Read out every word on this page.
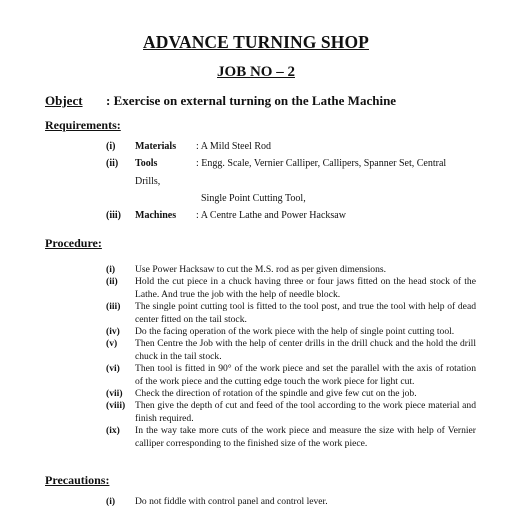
ADVANCE TURNING SHOP
JOB NO – 2
Object : Exercise on external turning on the Lathe Machine
Requirements:
(i) Materials : A Mild Steel Rod
(ii) Tools	: Engg. Scale, Vernier Calliper, Callipers, Spanner Set, Central
Drills,
Single Point Cutting Tool,
(iii) Machines : A Centre Lathe and Power Hacksaw
Procedure:
(i) Use Power Hacksaw to cut the M.S. rod as per given dimensions.
(ii) Hold the cut piece in a chuck having three or four jaws fitted on the head stock of the Lathe. And true the job with the help of needle block.
(iii) The single point cutting tool is fitted to the tool post, and true the tool with help of dead center fitted on the tail stock.
(iv) Do the facing operation of the work piece with the help of single point cutting tool.
(v) Then Centre the Job with the help of center drills in the drill chuck and the hold the drill chuck in the tail stock.
(vi) Then tool is fitted in 90° of the work piece and set the parallel with the axis of rotation of the work piece and the cutting edge touch the work piece for light cut.
(vii) Check the direction of rotation of the spindle and give few cut on the job.
(viii) Then give the depth of cut and feed of the tool according to the work piece material and finish required.
(ix) In the way take more cuts of the work piece and measure the size with help of Vernier calliper corresponding to the finished size of the work piece.
Precautions:
(i) Do not fiddle with control panel and control lever.
